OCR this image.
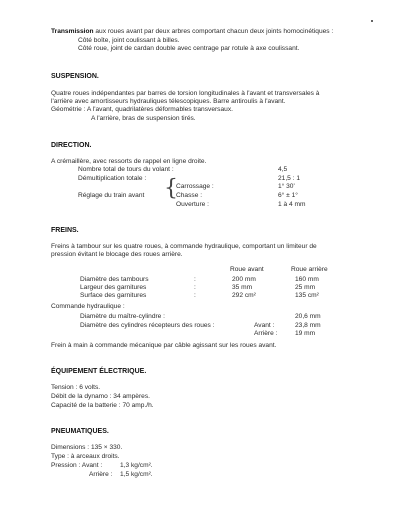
Transmission aux roues avant par deux arbres comportant chacun deux joints homocinétiques :
Côté boîte, joint coulissant à billes.
Côté roue, joint de cardan double avec centrage par rotule à axe coulissant.
SUSPENSION.
Quatre roues indépendantes par barres de torsion longitudinales à l'avant et transversales à
l'arrière avec amortisseurs hydrauliques télescopiques. Barre antiroulis à l'avant.
Géométrie : A l'avant, quadrilatères déformables transversaux.
A l'arrière, bras de suspension tirés.
DIRECTION.
A crémaillère, avec ressorts de rappel en ligne droite.
Nombre total de tours du volant :	4,5
Démultiplication totale :	21,5 : 1
Réglage du train avant {
Carrossage :	1° 30'
Chasse :	6° ± 1°
Ouverture :	1 à 4 mm
FREINS.
Freins à tambour sur les quatre roues, à commande hydraulique, comportant un limiteur de
pression évitant le blocage des roues arrière.
Roue avant	Roue arrière
Diamètre des tambours	:	200 mm	160 mm
Largeur des garnitures	:	35 mm	25 mm
Surface des garnitures	:	292 cm²	135 cm²
Commande hydraulique :
Diamètre du maître-cylindre :	20,6 mm
Diamètre des cylindres récepteurs des roues :	Avant :	23,8 mm
Arrière :	19 mm
Frein à main à commande mécanique par câble agissant sur les roues avant.
ÉQUIPEMENT ÉLECTRIQUE.
Tension : 6 volts.
Débit de la dynamo : 34 ampères.
Capacité de la batterie : 70 amp./h.
PNEUMATIQUES.
Dimensions : 135 × 330.
Type : à arceaux droits.
Pression : Avant :	1,3 kg/cm².
Arrière : 1,5 kg/cm².
